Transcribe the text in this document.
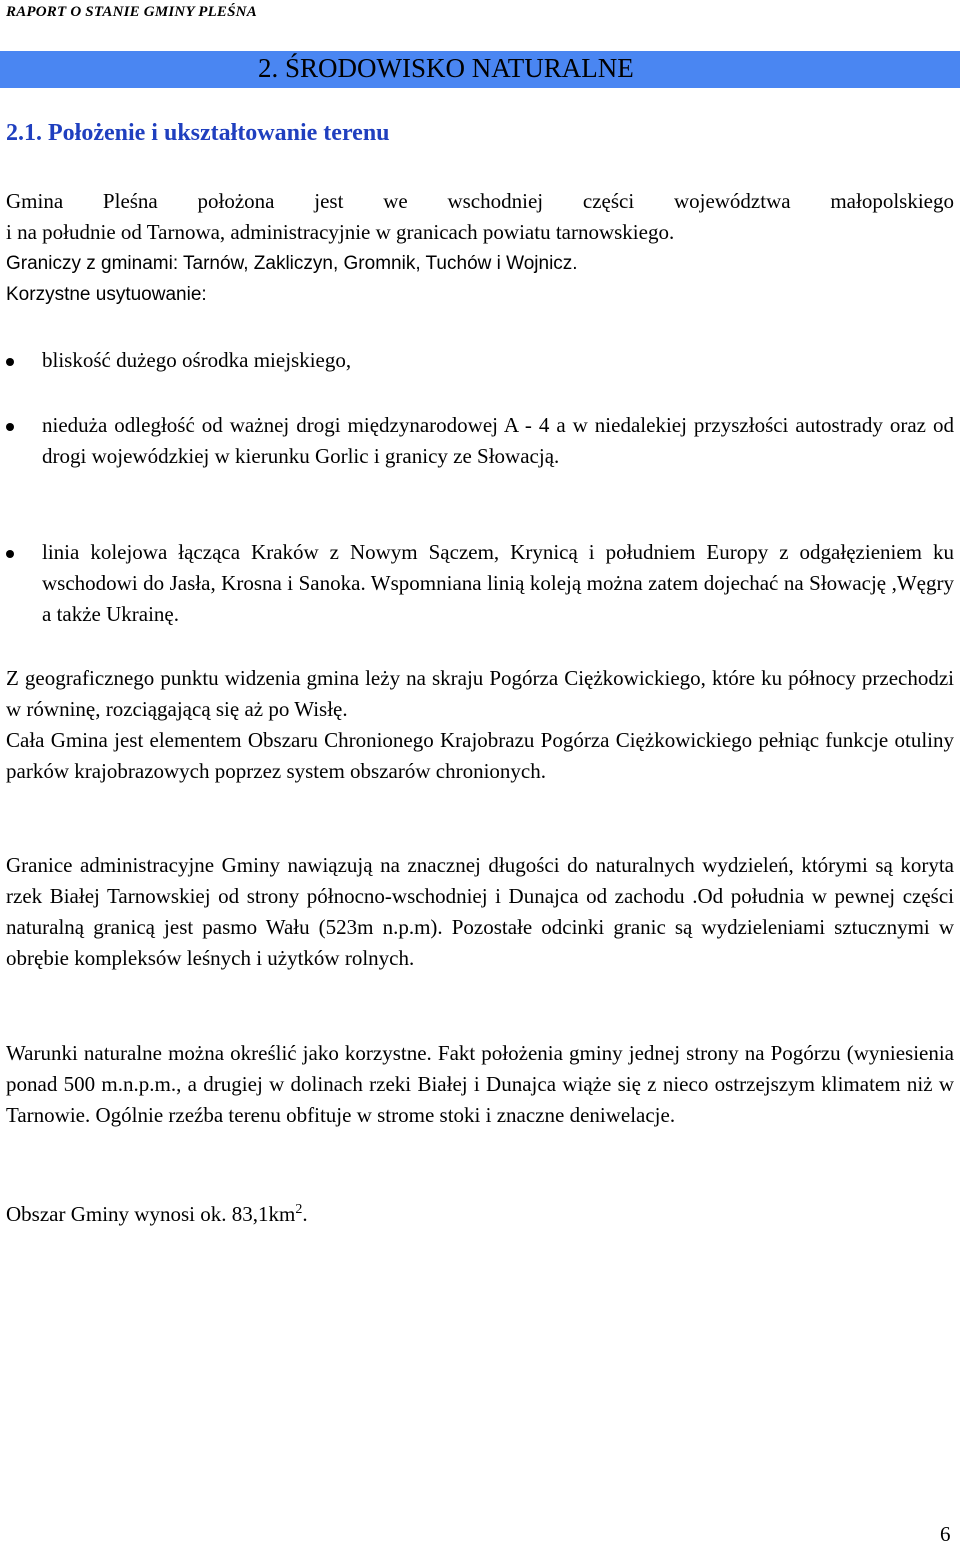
RAPORT O STANIE GMINY PLEŚNA
2. ŚRODOWISKO NATURALNE
2.1. Położenie i ukształtowanie terenu

Gmina Pleśna położona jest we wschodniej części województwa małopolskiego

i na południe od Tarnowa, administracyjnie w granicach powiatu tarnowskiego.

Graniczy z gminami: Tarnów, Zakliczyn, Gromnik, Tuchów i Wojnicz.

Korzystne usytuowanie:

bliskość dużego ośrodka miejskiego,
nieduża odległość od ważnej drogi międzynarodowej A - 4 a w niedalekiej przyszłości autostrady oraz od drogi wojewódzkiej w kierunku Gorlic i granicy ze Słowacją.
linia kolejowa łącząca Kraków z Nowym Sączem, Krynicą i południem Europy z odgałęzieniem ku wschodowi do Jasła, Krosna i Sanoka. Wspomniana linią koleją można zatem dojechać na Słowację ,Węgry a także Ukrainę.
Z geograficznego punktu widzenia gmina leży na skraju Pogórza Ciężkowickiego, które ku północy przechodzi w równinę, rozciągającą się aż po Wisłę.
Cała Gmina jest elementem Obszaru Chronionego Krajobrazu Pogórza Ciężkowickiego pełniąc funkcje otuliny parków krajobrazowych poprzez system obszarów chronionych.
Granice administracyjne Gminy nawiązują na znacznej długości do naturalnych wydzieleń, którymi są koryta rzek Białej Tarnowskiej od strony północno-wschodniej i Dunajca od zachodu .Od południa w pewnej części naturalną granicą jest pasmo Wału (523m n.p.m). Pozostałe odcinki granic są wydzieleniami sztucznymi w obrębie kompleksów leśnych i użytków rolnych.
Warunki naturalne można określić jako korzystne. Fakt położenia gminy jednej strony na Pogórzu (wyniesienia ponad 500 m.n.p.m., a drugiej w dolinach rzeki Białej i Dunajca wiąże się z nieco ostrzejszym klimatem niż w Tarnowie. Ogólnie rzeźba terenu obfituje w strome stoki i znaczne deniwelacje.
Obszar Gminy wynosi ok. $83,1km^2$.
6
